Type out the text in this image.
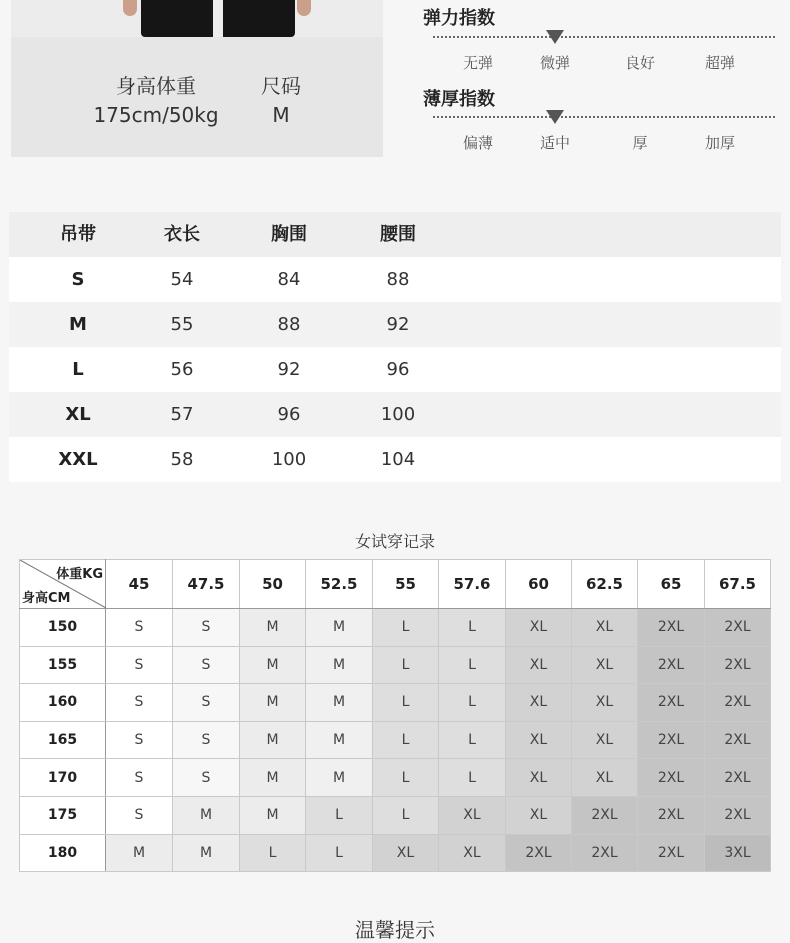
身高体重
175cm/50kg
尺码
M
弹力指数
无弹	微弹	良好	超弹
薄厚指数
偏薄	适中	厚	加厚
吊带	衣长	胸围	腰围
S	54	84	88
M	55	88	92
L	56	92	96
XL	57	96	100
XXL	58	100	104
女试穿记录
体重KG
身高CM	45	47.5	50	52.5	55	57.6	60	62.5	65	67.5
150	S	S	M	M	L	L	XL	XL	2XL	2XL
155	S	S	M	M	L	L	XL	XL	2XL	2XL
160	S	S	M	M	L	L	XL	XL	2XL	2XL
165	S	S	M	M	L	L	XL	XL	2XL	2XL
170	S	S	M	M	L	L	XL	XL	2XL	2XL
175	S	M	M	L	L	XL	XL	2XL	2XL	2XL
180	M	M	L	L	XL	XL	2XL	2XL	2XL	3XL
温馨提示
